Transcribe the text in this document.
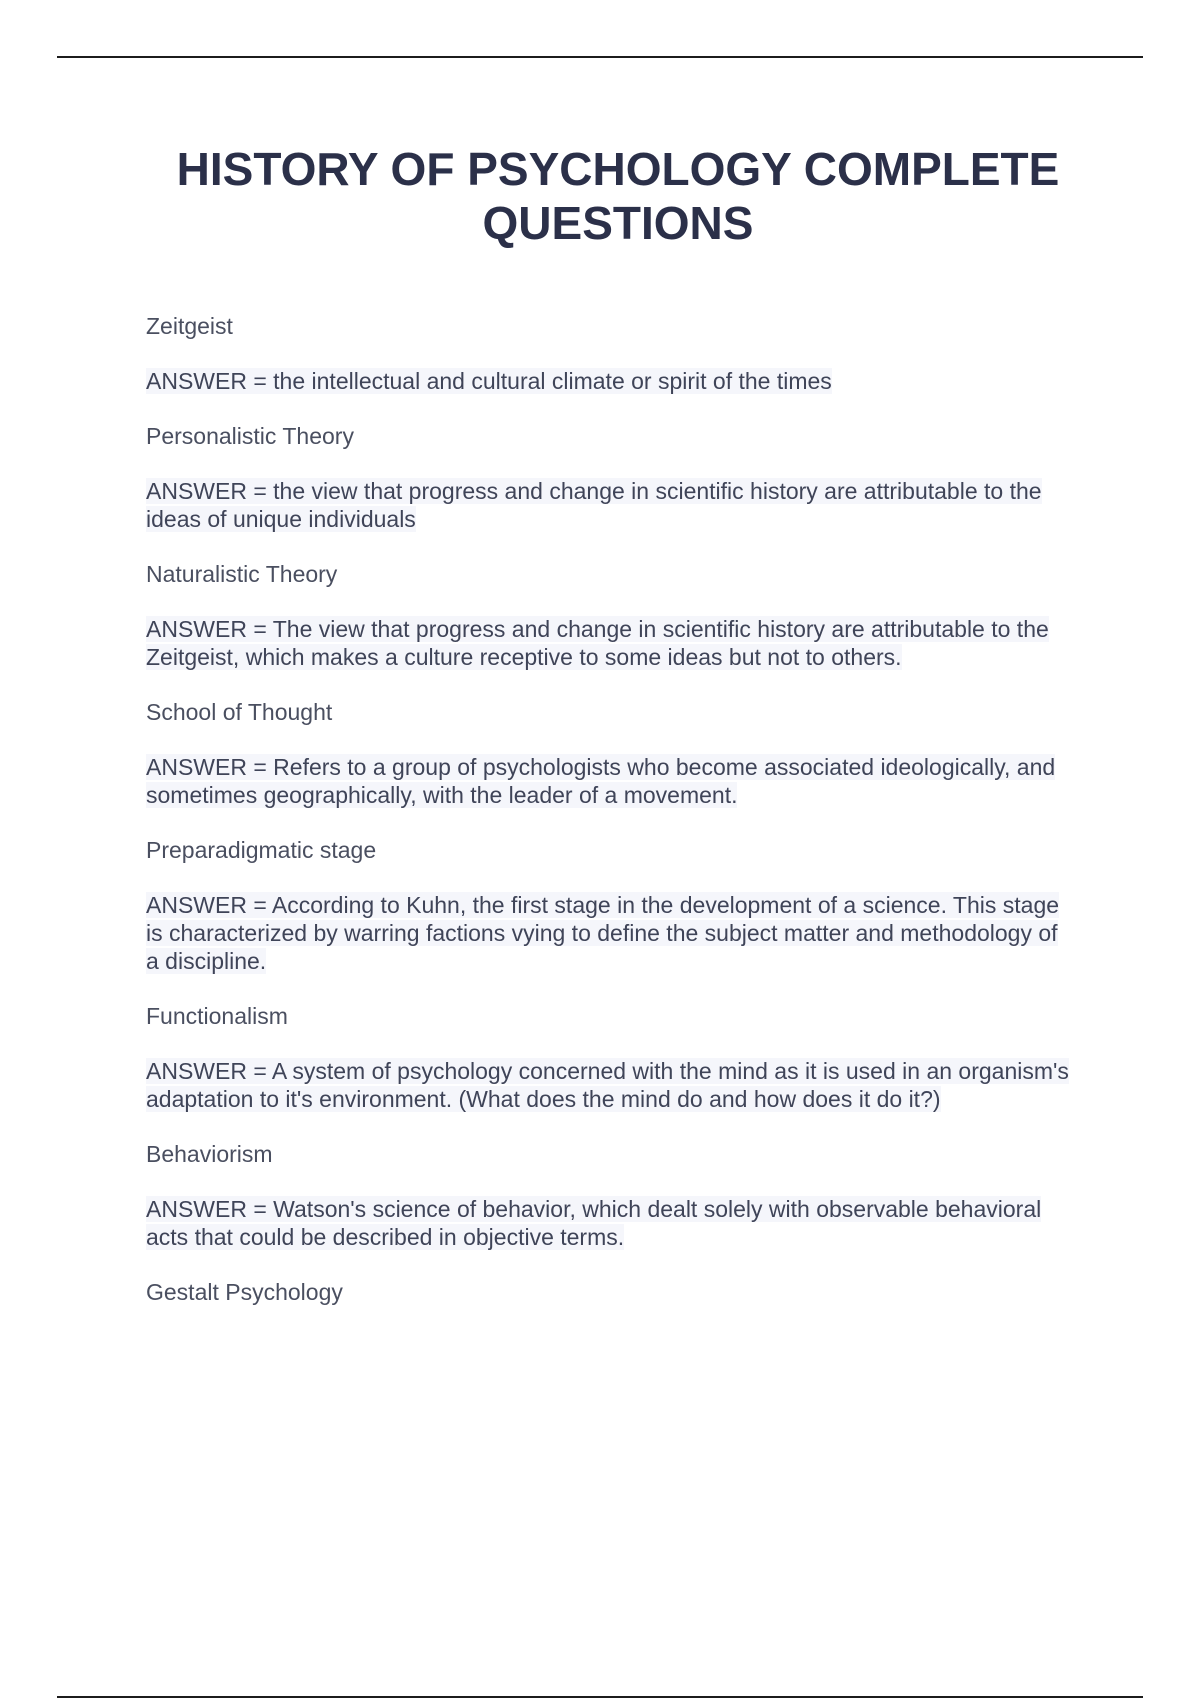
HISTORY OF PSYCHOLOGY COMPLETE QUESTIONS

Zeitgeist

ANSWER = the intellectual and cultural climate or spirit of the times

Personalistic Theory

ANSWER = the view that progress and change in scientific history are attributable to the ideas of unique individuals

Naturalistic Theory

ANSWER = The view that progress and change in scientific history are attributable to the Zeitgeist, which makes a culture receptive to some ideas but not to others.

School of Thought

ANSWER = Refers to a group of psychologists who become associated ideologically, and sometimes geographically, with the leader of a movement.

Preparadigmatic stage

ANSWER = According to Kuhn, the first stage in the development of a science. This stage is characterized by warring factions vying to define the subject matter and methodology of a discipline.

Functionalism

ANSWER = A system of psychology concerned with the mind as it is used in an organism's adaptation to it's environment. (What does the mind do and how does it do it?)

Behaviorism

ANSWER = Watson's science of behavior, which dealt solely with observable behavioral acts that could be described in objective terms.

Gestalt Psychology
